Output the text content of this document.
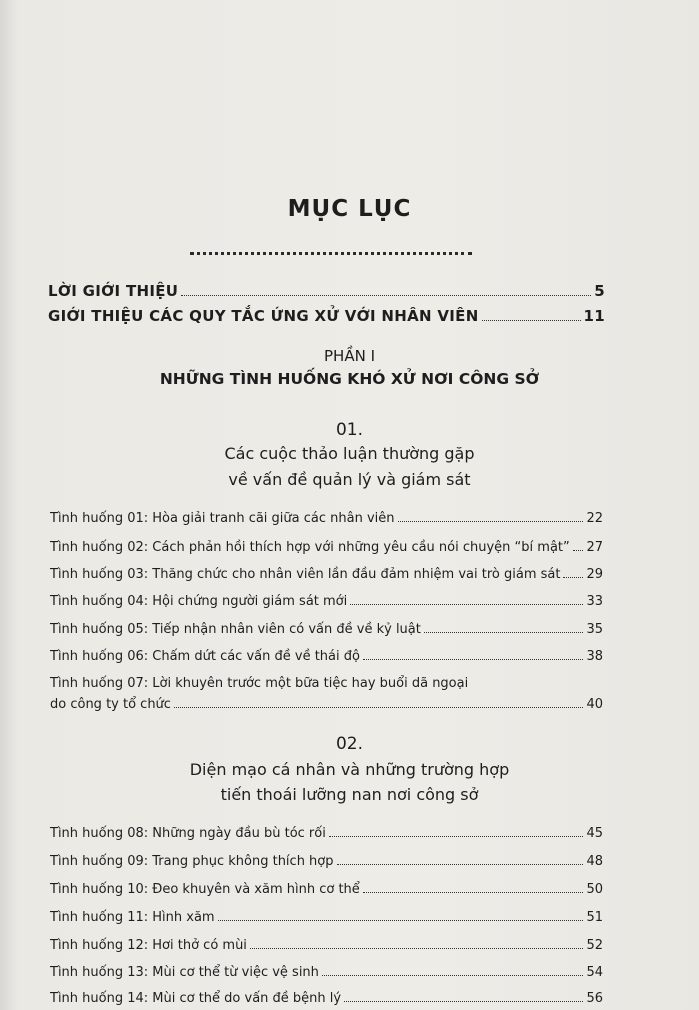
MỤC LỤC
LỜI GIỚI THIỆU	5
GIỚI THIỆU CÁC QUY TẮC ỨNG XỬ VỚI NHÂN VIÊN	11
PHẦN I
NHỮNG TÌNH HUỐNG KHÓ XỬ NƠI CÔNG SỞ
01.
Các cuộc thảo luận thường gặp
về vấn đề quản lý và giám sát
Tình huống 01: Hòa giải tranh cãi giữa các nhân viên	22
Tình huống 02: Cách phản hồi thích hợp với những yêu cầu nói chuyện “bí mật” 27
Tình huống 03: Thăng chức cho nhân viên lần đầu đảm nhiệm vai trò giám sát 29
Tình huống 04: Hội chứng người giám sát mới	33
Tình huống 05: Tiếp nhận nhân viên có vấn đề về kỷ luật	35
Tình huống 06: Chấm dứt các vấn đề về thái độ	38
Tình huống 07: Lời khuyên trước một bữa tiệc hay buổi dã ngoại
do công ty tổ chức	40
02.
Diện mạo cá nhân và những trường hợp
tiến thoái lưỡng nan nơi công sở
Tình huống 08: Những ngày đầu bù tóc rối	45
Tình huống 09: Trang phục không thích hợp	48
Tình huống 10: Đeo khuyên và xăm hình cơ thể	50
Tình huống 11: Hình xăm	51
Tình huống 12: Hơi thở có mùi	52
Tình huống 13: Mùi cơ thể từ việc vệ sinh	54
Tình huống 14: Mùi cơ thể do vấn đề bệnh lý	56
